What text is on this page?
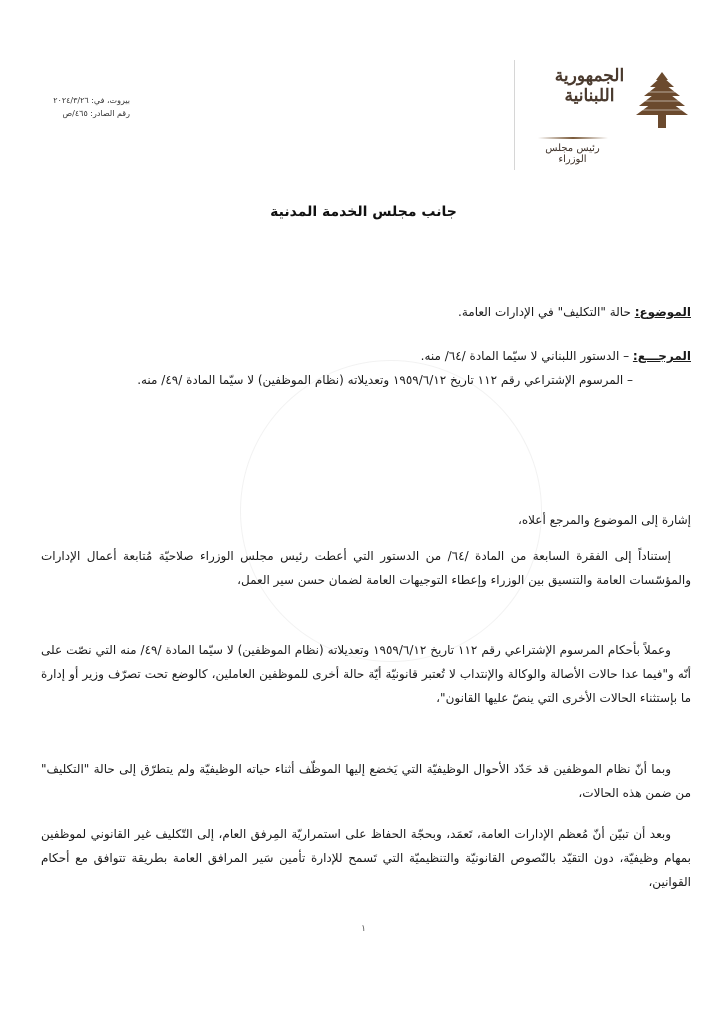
الجمهورية
اللبنانية
رئيس مجلس الوزراء
بيروت، في: ٢٠٢٤/٣/٢٦
رقم الصادر: ٤٦٥/ص
جانب مجلس الخدمة المدنية
الموضوع: حالة "التكليف" في الإدارات العامة.
المرجـــع: – الدستور اللبناني لا سيّما المادة /٦٤/ منه.
– المرسوم الإشتراعي رقم ١١٢ تاريخ ١٩٥٩/٦/١٢ وتعديلاته (نظام الموظفين) لا سيّما المادة /٤٩/ منه.
إشارة إلى الموضوع والمرجع أعلاه،
إستناداً إلى الفقرة السابعة من المادة /٦٤/ من الدستور التي أعطت رئيس مجلس الوزراء صلاحيّة مُتابعة أعمال الإدارات والمؤسّسات العامة والتنسيق بين الوزراء وإعطاء التوجيهات العامة لضمان حسن سير العمل،
وعملاً بأحكام المرسوم الإشتراعي رقم ١١٢ تاريخ ١٩٥٩/٦/١٢ وتعديلاته (نظام الموظفين) لا سيّما المادة /٤٩/ منه التي نصّت على أنّه و"فيما عدا حالات الأصالة والوكالة والإنتداب لا تُعتبر قانونيّة أيّة حالة أخرى للموظفين العاملين، كالوضع تحت تصرّف وزير أو إدارة ما بإستثناء الحالات الأخرى التي ينصّ عليها القانون"،
وبما أنّ نظام الموظفين قد حَدّد الأحوال الوظيفيّة التي يَخضع إليها الموظّف أثناء حياته الوظيفيّة ولم يتطرّق إلى حالة "التكليف" من ضمن هذه الحالات،
وبعد أن تبيّن أنّ مُعظم الإدارات العامة، تَعمَد، وبحجّة الحفاظ على استمراريّة المِرفق العام، إلى التّكليف غير القانوني لموظفين بمهام وظيفيّة، دون التقيّد بالنّصوص القانونيّة والتنظيميّة التي تَسمح للإدارة تأمين سَير المرافق العامة بطريقة تتوافق مع أحكام القوانين،
١
